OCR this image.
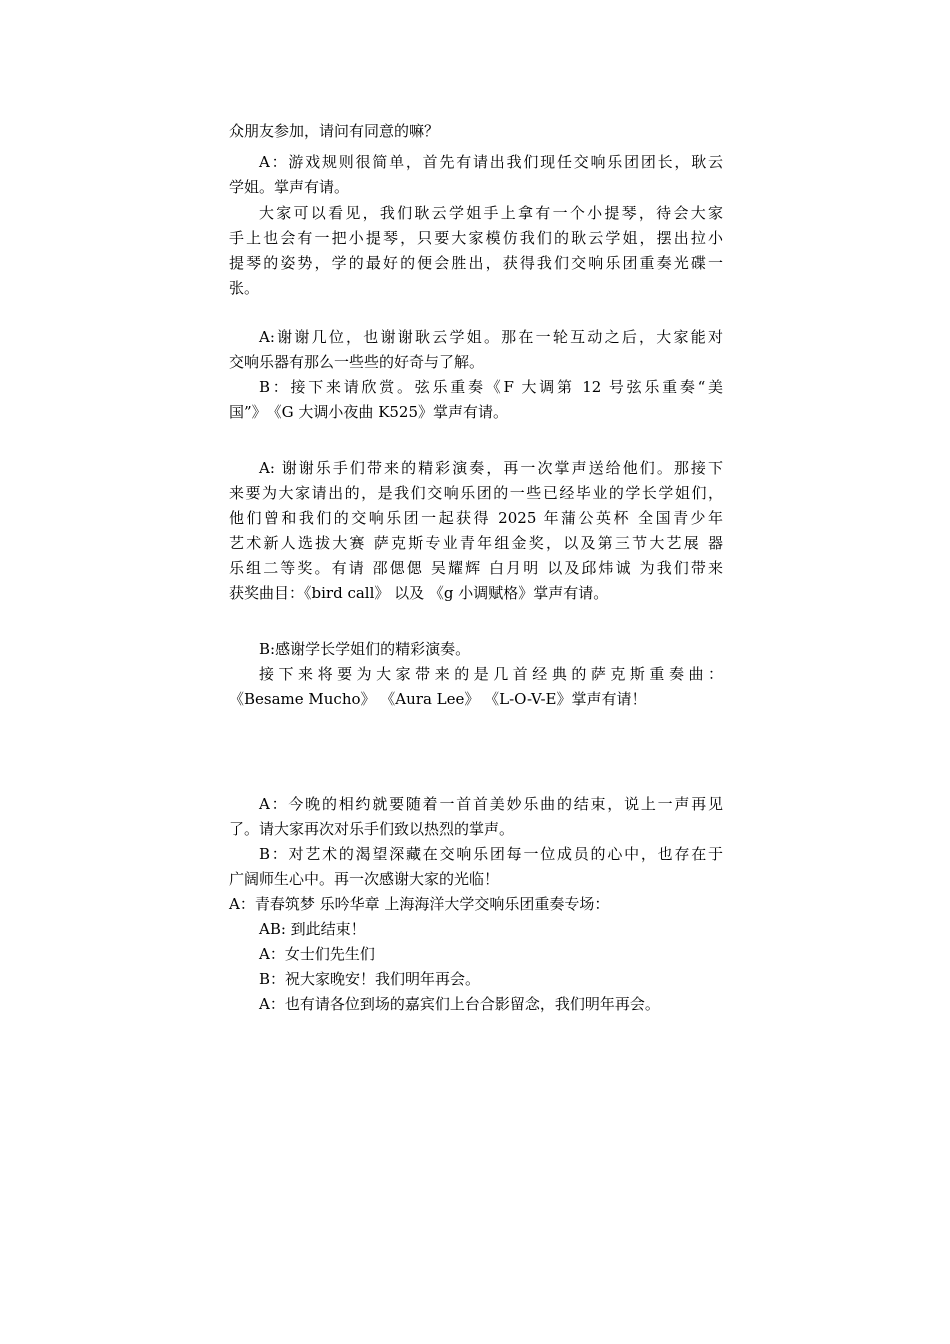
众朋友参加，请问有同意的嘛？
A：游戏规则很简单，首先有请出我们现任交响乐团团长，耿云
学姐。掌声有请。
大家可以看见，我们耿云学姐手上拿有一个小提琴，待会大家
手上也会有一把小提琴，只要大家模仿我们的耿云学姐，摆出拉小
提琴的姿势，学的最好的便会胜出，获得我们交响乐团重奏光碟一
张。
A:谢谢几位，也谢谢耿云学姐。那在一轮互动之后，大家能对
交响乐器有那么一些些的好奇与了解。
B：接下来请欣赏。弦乐重奏《F 大调第 12 号弦乐重奏“美
国”》　《G 大调小夜曲 K525》掌声有请。
A: 谢谢乐手们带来的精彩演奏，再一次掌声送给他们。那接下
来要为大家请出的，是我们交响乐团的一些已经毕业的学长学姐们，
他们曾和我们的交响乐团一起获得 2025 年蒲公英杯 全国青少年
艺术新人选拔大赛 萨克斯专业青年组金奖，以及第三节大艺展 器
乐组二等奖。有请 邵偲偲 吴耀辉 白月明 以及邱炜诚 为我们带来
获奖曲目：《bird call》 以及 《g 小调赋格》掌声有请。
B:感谢学长学姐们的精彩演奏。
接下来将要为大家带来的是几首经典的萨克斯重奏曲：
《Besame Mucho》 《Aura Lee》 《L-O-V-E》掌声有请！
A：今晚的相约就要随着一首首美妙乐曲的结束，说上一声再见
了。请大家再次对乐手们致以热烈的掌声。
B：对艺术的渴望深藏在交响乐团每一位成员的心中，也存在于
广阔师生心中。再一次感谢大家的光临！
A：青春筑梦 乐吟华章 上海海洋大学交响乐团重奏专场：
AB: 到此结束！
A：女士们先生们
B：祝大家晚安！我们明年再会。
A：也有请各位到场的嘉宾们上台合影留念，我们明年再会。
